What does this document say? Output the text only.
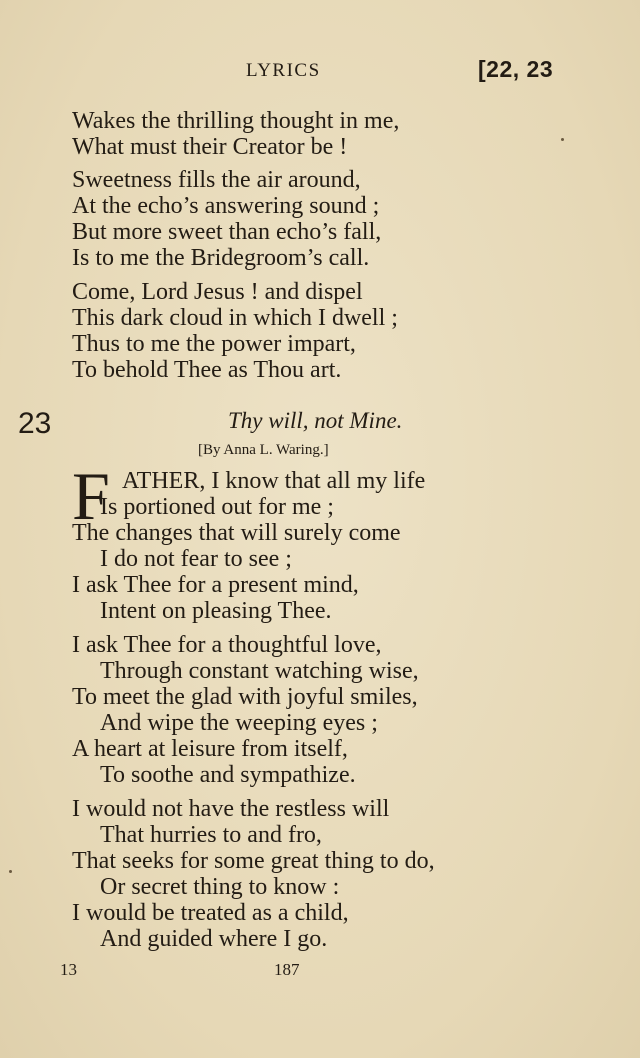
LYRICS	[22, 23
Wakes the thrilling thought in me,
What must their Creator be !
Sweetness fills the air around,
At the echo’s answering sound ;
But more sweet than echo’s fall,
Is to me the Bridegroom’s call.
Come, Lord Jesus ! and dispel
This dark cloud in which I dwell ;
Thus to me the power impart,
To behold Thee as Thou art.
23	Thy will, not Mine.
[By Anna L. Waring.]
F ATHER, I know that all my life
Is portioned out for me ;
The changes that will surely come
I do not fear to see ;
I ask Thee for a present mind,
Intent on pleasing Thee.
I ask Thee for a thoughtful love,
Through constant watching wise,
To meet the glad with joyful smiles,
And wipe the weeping eyes ;
A heart at leisure from itself,
To soothe and sympathize.
I would not have the restless will
That hurries to and fro,
That seeks for some great thing to do,
Or secret thing to know :
I would be treated as a child,
And guided where I go.
13	187
